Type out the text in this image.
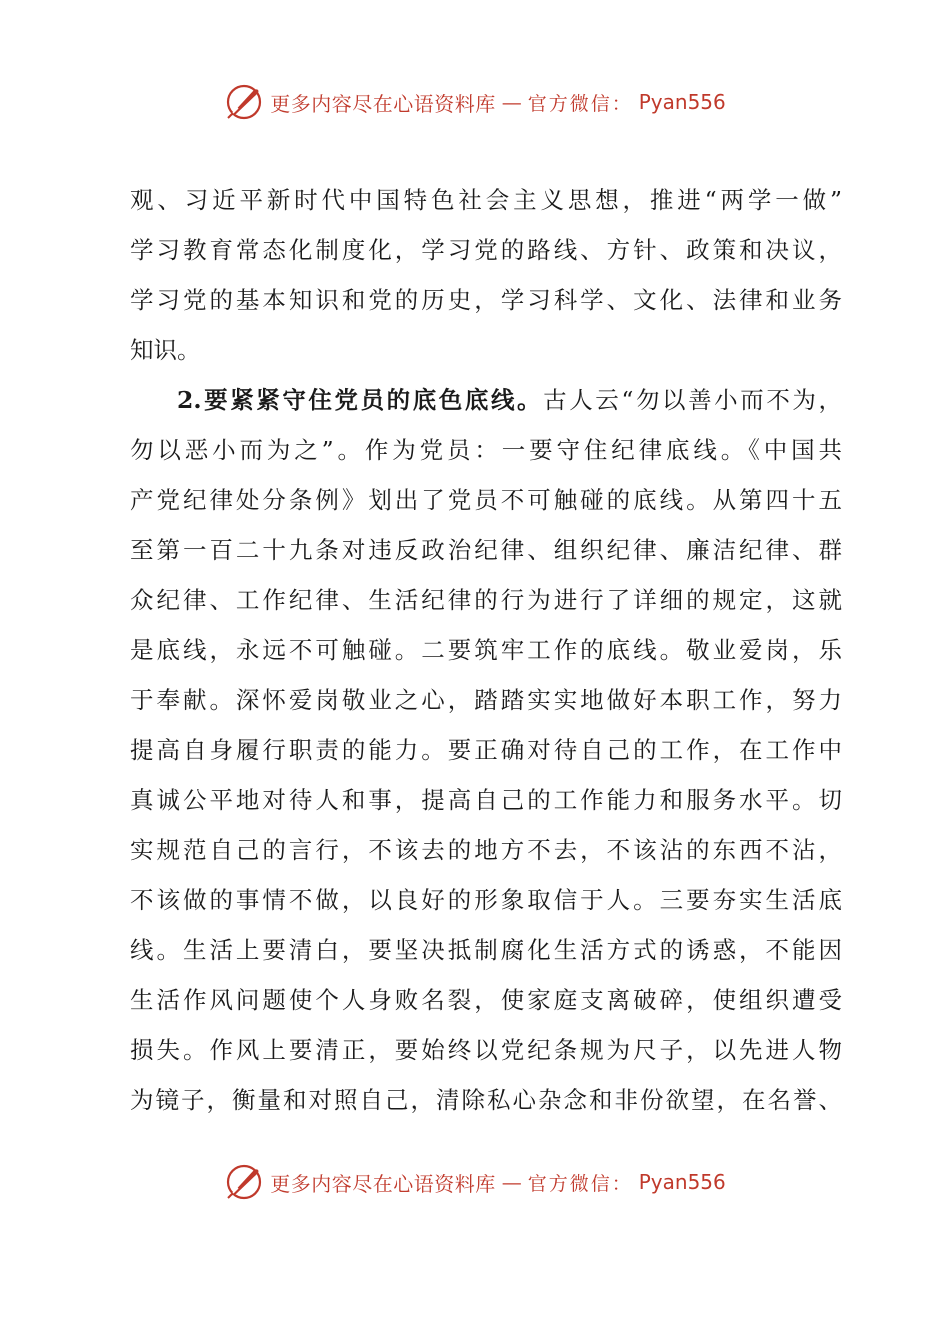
更多内容尽在心语资料库 — 官方微信： Pyan556
观、习近平新时代中国特色社会主义思想，推进“两学一做”
学习教育常态化制度化，学习党的路线、方针、政策和决议，
学习党的基本知识和党的历史，学习科学、文化、法律和业务
知识。
2.要紧紧守住党员的底色底线。古人云“勿以善小而不为，
勿以恶小而为之”。作为党员：一要守住纪律底线。《中国共
产党纪律处分条例》划出了党员不可触碰的底线。从第四十五
至第一百二十九条对违反政治纪律、组织纪律、廉洁纪律、群
众纪律、工作纪律、生活纪律的行为进行了详细的规定，这就
是底线，永远不可触碰。二要筑牢工作的底线。敬业爱岗，乐
于奉献。深怀爱岗敬业之心，踏踏实实地做好本职工作，努力
提高自身履行职责的能力。要正确对待自己的工作，在工作中
真诚公平地对待人和事，提高自己的工作能力和服务水平。切
实规范自己的言行，不该去的地方不去，不该沾的东西不沾，
不该做的事情不做，以良好的形象取信于人。三要夯实生活底
线。生活上要清白，要坚决抵制腐化生活方式的诱惑，不能因
生活作风问题使个人身败名裂，使家庭支离破碎，使组织遭受
损失。作风上要清正，要始终以党纪条规为尺子，以先进人物
为镜子，衡量和对照自己，清除私心杂念和非份欲望，在名誉、
更多内容尽在心语资料库 — 官方微信： Pyan556
